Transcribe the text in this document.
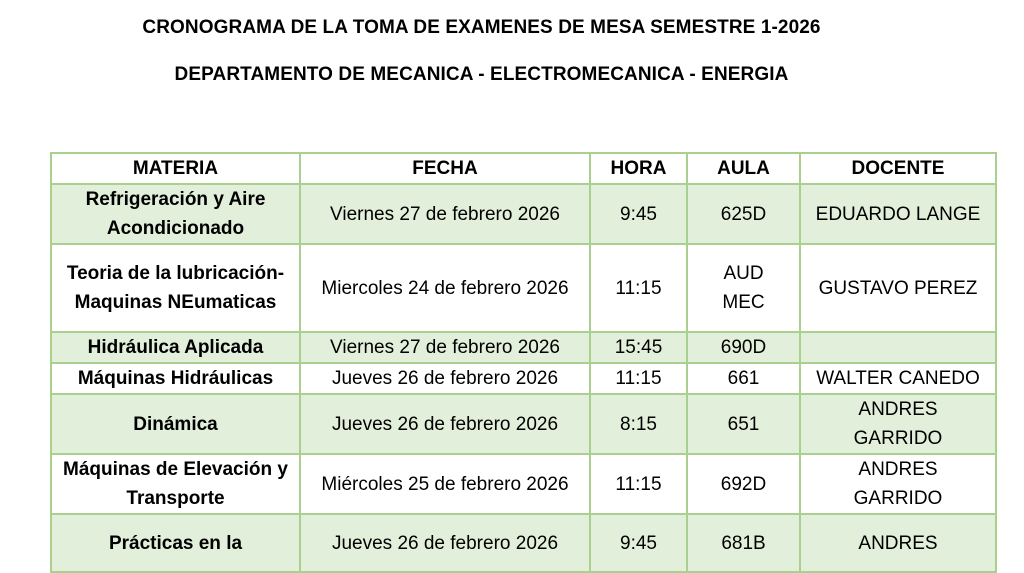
CRONOGRAMA DE LA TOMA DE EXAMENES DE MESA SEMESTRE 1-2026
DEPARTAMENTO DE MECANICA - ELECTROMECANICA - ENERGIA
MATERIA	FECHA	HORA	AULA	DOCENTE
Refrigeración y Aire Acondicionado	Viernes 27 de febrero 2026	9:45	625D	EDUARDO LANGE
Teoria de la lubricación- Maquinas NEumaticas	Miercoles 24 de febrero 2026	11:15	AUD MEC	GUSTAVO PEREZ
Hidráulica Aplicada	Viernes 27 de febrero 2026	15:45	690D	
Máquinas Hidráulicas	Jueves 26 de febrero 2026	11:15	661	WALTER CANEDO
Dinámica	Jueves 26 de febrero 2026	8:15	651	ANDRES GARRIDO
Máquinas de Elevación y Transporte	Miércoles 25 de febrero 2026	11:15	692D	ANDRES GARRIDO
Prácticas en la	Jueves 26 de febrero 2026	9:45	681B	ANDRES
